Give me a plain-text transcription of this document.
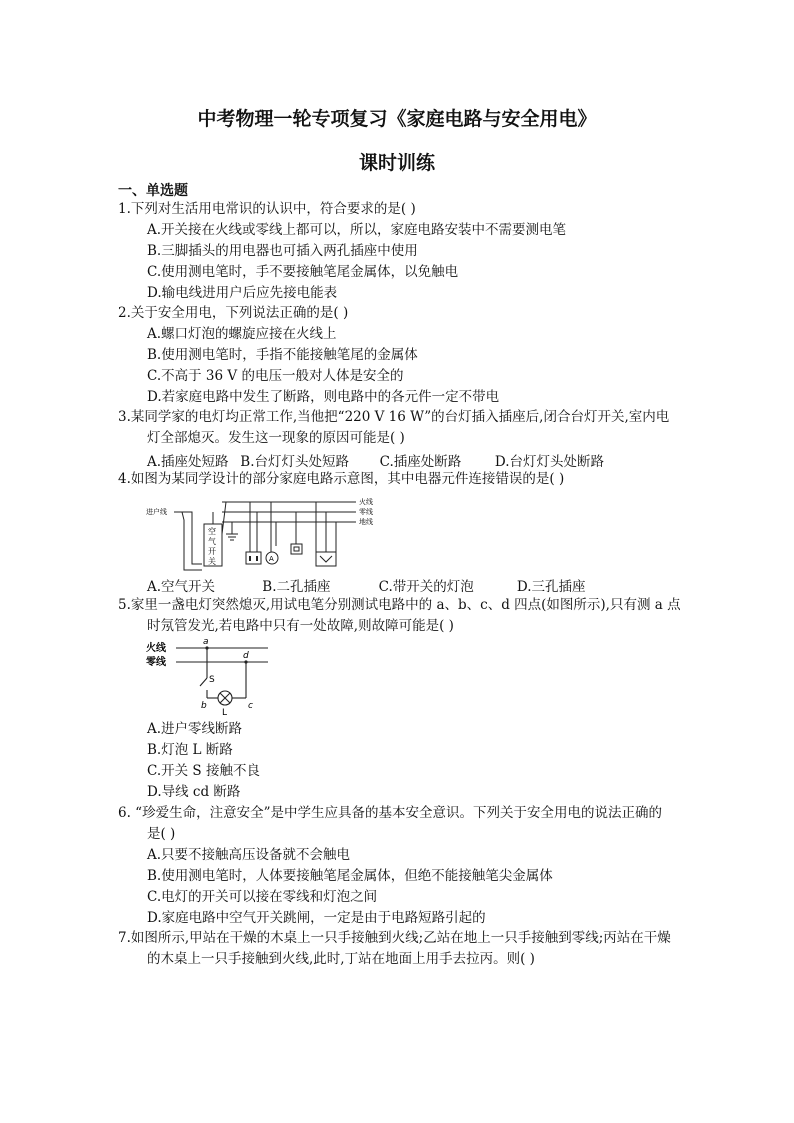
中考物理一轮专项复习《家庭电路与安全用电》
课时训练
一、单选题
1.下列对生活用电常识的认识中，符合要求的是( )
A.开关接在火线或零线上都可以，所以，家庭电路安装中不需要测电笔
B.三脚插头的用电器也可插入两孔插座中使用
C.使用测电笔时，手不要接触笔尾金属体，以免触电
D.输电线进用户后应先接电能表
2.关于安全用电，下列说法正确的是( )
A.螺口灯泡的螺旋应接在火线上
B.使用测电笔时，手指不能接触笔尾的金属体
C.不高于 36 V 的电压一般对人体是安全的
D.若家庭电路中发生了断路，则电路中的各元件一定不带电
3.某同学家的电灯均正常工作,当他把“220 V 16 W”的台灯插入插座后,闭合台灯开关,室内电
灯全部熄灭。发生这一现象的原因可能是( )
A.插座处短路 B.台灯灯头处短路 C.插座处断路 D.台灯灯头处断路
4.如图为某同学设计的部分家庭电路示意图，其中电器元件连接错误的是( )
进户线
火线
零线
地线
空
气
开
关	A
A.空气开关	B.二孔插座	C.带开关的灯泡	D.三孔插座
5.家里一盏电灯突然熄灭,用试电笔分别测试电路中的 a、b、c、d 四点(如图所示),只有测 a 点
时氖管发光,若电路中只有一处故障,则故障可能是( )
火线
零线
a
d
S
b	c
L
A.进户零线断路
B.灯泡 L 断路
C.开关 S 接触不良
D.导线 cd 断路
6. “珍爱生命，注意安全”是中学生应具备的基本安全意识。下列关于安全用电的说法正确的
是( )
A.只要不接触高压设备就不会触电
B.使用测电笔时，人体要接触笔尾金属体，但绝不能接触笔尖金属体
C.电灯的开关可以接在零线和灯泡之间
D.家庭电路中空气开关跳闸，一定是由于电路短路引起的
7.如图所示,甲站在干燥的木桌上一只手接触到火线;乙站在地上一只手接触到零线;丙站在干燥
的木桌上一只手接触到火线,此时,丁站在地面上用手去拉丙。则( )
